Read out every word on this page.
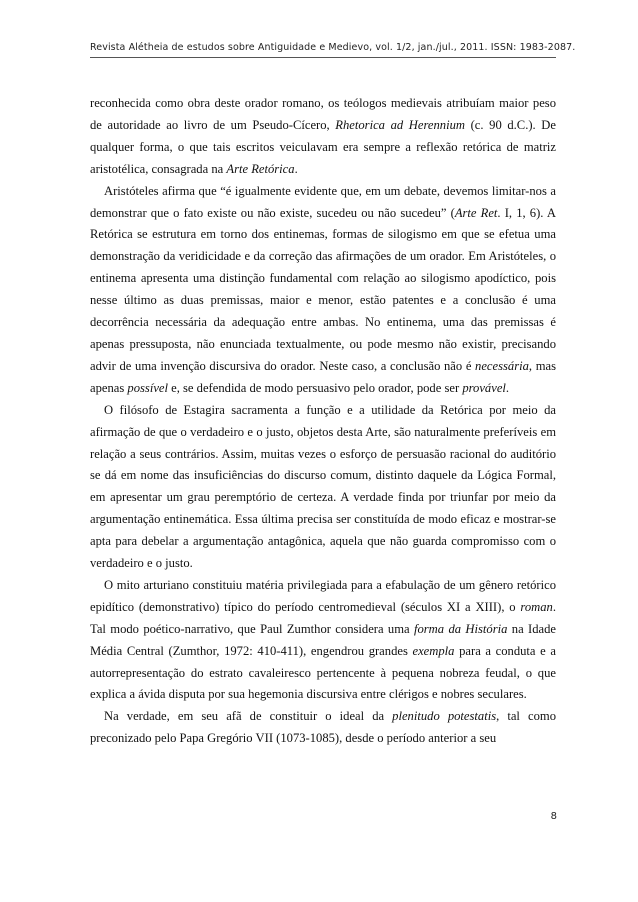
Revista Alétheia de estudos sobre Antiguidade e Medievo, vol. 1/2, jan./jul., 2011. ISSN: 1983-2087.

reconhecida como obra deste orador romano, os teólogos medievais atribuíam maior peso de autoridade ao livro de um Pseudo-Cícero, Rhetorica ad Herennium (c. 90 d.C.). De qualquer forma, o que tais escritos veiculavam era sempre a reflexão retórica de matriz aristotélica, consagrada na Arte Retórica.

Aristóteles afirma que “é igualmente evidente que, em um debate, devemos limitar-nos a demonstrar que o fato existe ou não existe, sucedeu ou não sucedeu” (Arte Ret. I, 1, 6). A Retórica se estrutura em torno dos entinemas, formas de silogismo em que se efetua uma demonstração da veridicidade e da correção das afirmações de um orador. Em Aristóteles, o entinema apresenta uma distinção fundamental com relação ao silogismo apodíctico, pois nesse último as duas premissas, maior e menor, estão patentes e a conclusão é uma decorrência necessária da adequação entre ambas. No entinema, uma das premissas é apenas pressuposta, não enunciada textualmente, ou pode mesmo não existir, precisando advir de uma invenção discursiva do orador. Neste caso, a conclusão não é necessária, mas apenas possível e, se defendida de modo persuasivo pelo orador, pode ser provável.

O filósofo de Estagira sacramenta a função e a utilidade da Retórica por meio da afirmação de que o verdadeiro e o justo, objetos desta Arte, são naturalmente preferíveis em relação a seus contrários. Assim, muitas vezes o esforço de persuasão racional do auditório se dá em nome das insuficiências do discurso comum, distinto daquele da Lógica Formal, em apresentar um grau peremptório de certeza. A verdade finda por triunfar por meio da argumentação entinemática. Essa última precisa ser constituída de modo eficaz e mostrar-se apta para debelar a argumentação antagônica, aquela que não guarda compromisso com o verdadeiro e o justo.

O mito arturiano constituiu matéria privilegiada para a efabulação de um gênero retórico epidítico (demonstrativo) típico do período centromedieval (séculos XI a XIII), o roman. Tal modo poético-narrativo, que Paul Zumthor considera uma forma da História na Idade Média Central (Zumthor, 1972: 410-411), engendrou grandes exempla para a conduta e a autorrepresentação do estrato cavaleiresco pertencente à pequena nobreza feudal, o que explica a ávida disputa por sua hegemonia discursiva entre clérigos e nobres seculares.

Na verdade, em seu afã de constituir o ideal da plenitudo potestatis, tal como preconizado pelo Papa Gregório VII (1073-1085), desde o período anterior a seu

8
